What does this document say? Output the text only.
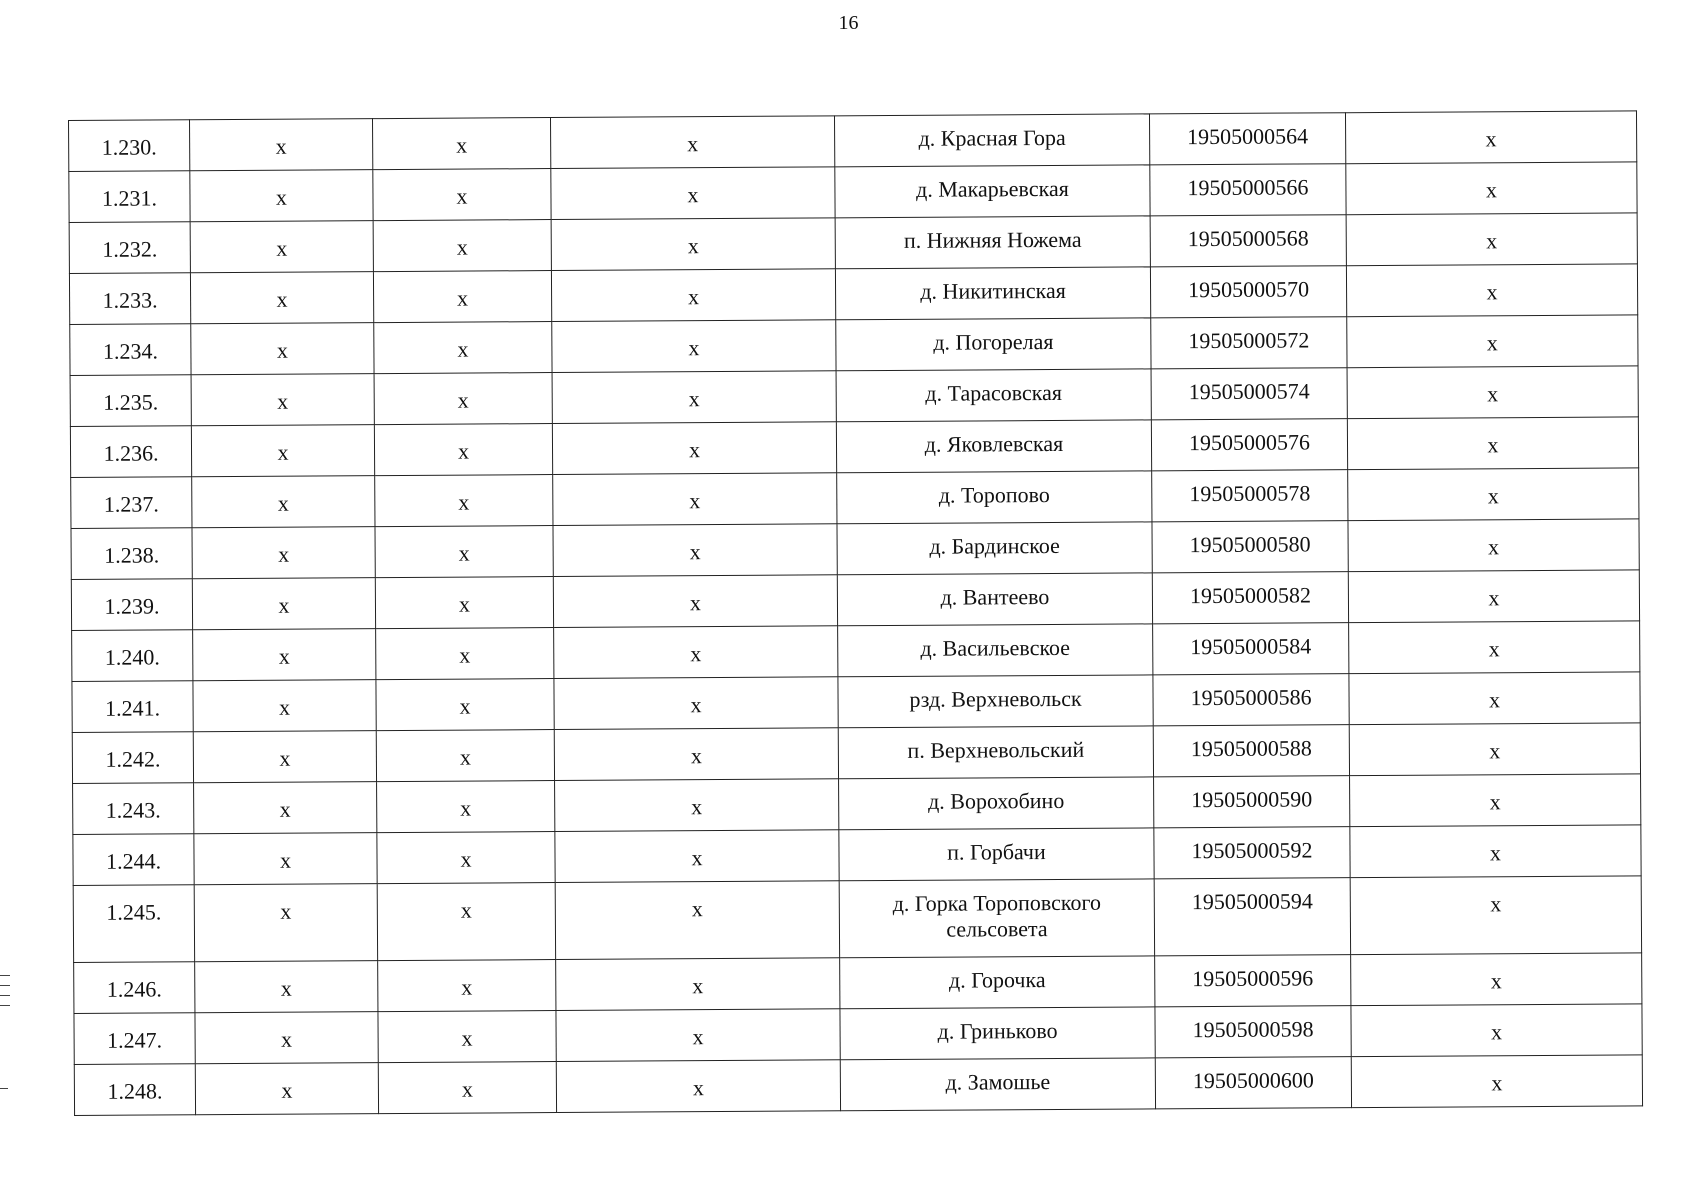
16
1.230.	х	х	х	д. Красная Гора	19505000564	х
1.231.	х	х	х	д. Макарьевская	19505000566	х
1.232.	х	х	х	п. Нижняя Ножема	19505000568	х
1.233.	х	х	х	д. Никитинская	19505000570	х
1.234.	х	х	х	д. Погорелая	19505000572	х
1.235.	х	х	х	д. Тарасовская	19505000574	х
1.236.	х	х	х	д. Яковлевская	19505000576	х
1.237.	х	х	х	д. Торопово	19505000578	х
1.238.	х	х	х	д. Бардинское	19505000580	х
1.239.	х	х	х	д. Вантеево	19505000582	х
1.240.	х	х	х	д. Васильевское	19505000584	х
1.241.	х	х	х	рзд. Верхневольск	19505000586	х
1.242.	х	х	х	п. Верхневольский	19505000588	х
1.243.	х	х	х	д. Ворохобино	19505000590	х
1.244.	х	х	х	п. Горбачи	19505000592	х
1.245.	х	х	х	д. Горка Тороповского сельсовета	19505000594	х
1.246.	х	х	х	д. Горочка	19505000596	х
1.247.	х	х	х	д. Гриньково	19505000598	х
1.248.	х	х	х	д. Замошье	19505000600	х
